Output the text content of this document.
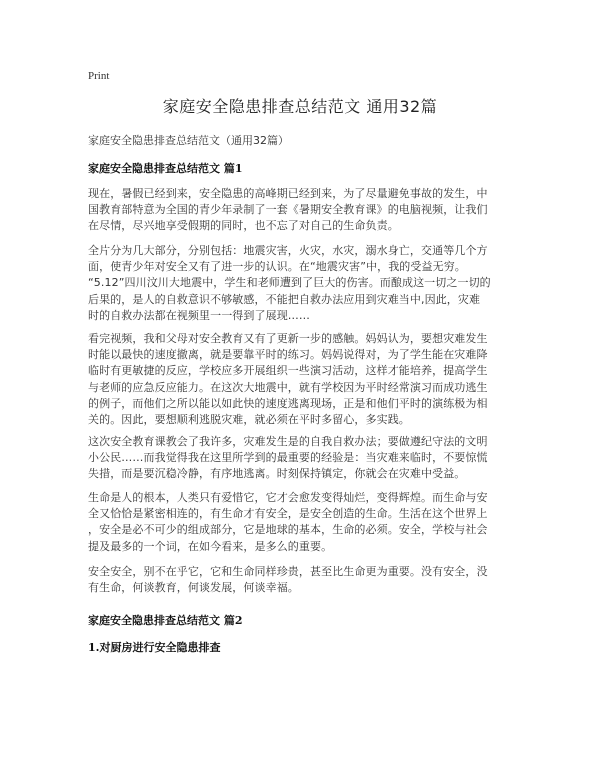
Print
家庭安全隐患排查总结范文 通用32篇
家庭安全隐患排查总结范文（通用32篇）
家庭安全隐患排查总结范文 篇1
现在，暑假已经到来，安全隐患的高峰期已经到来，为了尽量避免事故的发生，中
国教育部特意为全国的青少年录制了一套《暑期安全教育课》的电脑视频，让我们
在尽情，尽兴地享受假期的同时，也不忘了对自己的生命负责。
全片分为几大部分，分别包括：地震灾害，火灾，水灾，溺水身亡，交通等几个方
面，使青少年对安全又有了进一步的认识。在“地震灾害”中，我的受益无穷。
“5.12”四川汶川大地震中，学生和老师遭到了巨大的伤害。而酿成这一切之一切的
后果的，是人的自救意识不够敏感，不能把自救办法应用到灾难当中,因此，灾难
时的自救办法都在视频里一一得到了展现……
看完视频，我和父母对安全教育又有了更新一步的感触。妈妈认为，要想灾难发生
时能以最快的速度撤离，就是要靠平时的练习。妈妈说得对，为了学生能在灾难降
临时有更敏捷的反应，学校应多开展组织一些演习活动，这样才能培养，提高学生
与老师的应急反应能力。在这次大地震中，就有学校因为平时经常演习而成功逃生
的例子，而他们之所以能以如此快的速度逃离现场，正是和他们平时的演练极为相
关的。因此，要想顺利逃脱灾难，就必须在平时多留心，多实践。
这次安全教育课教会了我许多，灾难发生是的自我自救办法；要做遵纪守法的文明
小公民……而我觉得我在这里所学到的最重要的经验是：当灾难来临时，不要惊慌
失措，而是要沉稳冷静，有序地逃离。时刻保持镇定，你就会在灾难中受益。
生命是人的根本，人类只有爱惜它，它才会愈发变得灿烂，变得辉煌。而生命与安
全又恰恰是紧密相连的，有生命才有安全，是安全创造的生命。生活在这个世界上
，安全是必不可少的组成部分，它是地球的基本，生命的必须。安全，学校与社会
提及最多的一个词，在如今看来，是多么的重要。
安全安全，别不在乎它，它和生命同样珍贵，甚至比生命更为重要。没有安全，没
有生命，何谈教育，何谈发展，何谈幸福。
家庭安全隐患排查总结范文 篇2
1.对厨房进行安全隐患排查
